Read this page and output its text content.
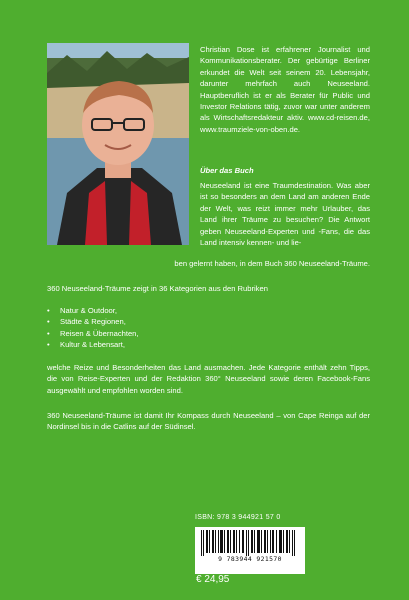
Christian Dose ist erfahrener Journalist und Kommunikationsberater. Der gebürtige Berliner erkundet die Welt seit seinem 20. Lebensjahr, darunter mehrfach auch Neuseeland. Hauptberuflich ist er als Berater für Public und Investor Relations tätig, zuvor war unter anderem als Wirtschaftsredakteur aktiv. www.cd-reisen.de, www.traumziele-von-oben.de.

Über das Buch

Neuseeland ist eine Traumdestination. Was aber ist so besonders an dem Land am anderen Ende der Welt, was reizt immer mehr Urlauber, das Land ihrer Träume zu besuchen? Die Antwort geben Neuseeland-Experten und -Fans, die das Land intensiv kennen- und lie-

ben gelernt haben, in dem Buch 360 Neuseeland-Träume.

360 Neuseeland-Träume zeigt in 36 Kategorien aus den Rubriken

• Natur & Outdoor,
• Städte & Regionen,
• Reisen & Übernachten,
• Kultur & Lebensart,

welche Reize und Besonderheiten das Land ausmachen. Jede Kategorie enthält zehn Tipps, die von Reise-Experten und der Redaktion 360° Neuseeland sowie deren Facebook-Fans ausgewählt und empfohlen worden sind.

360 Neuseeland-Träume ist damit Ihr Kompass durch Neuseeland – von Cape Reinga auf der Nordinsel bis in die Catlins auf der Südinsel.

ISBN: 978 3 944921 57 0
9 783944 921570
€ 24,95
